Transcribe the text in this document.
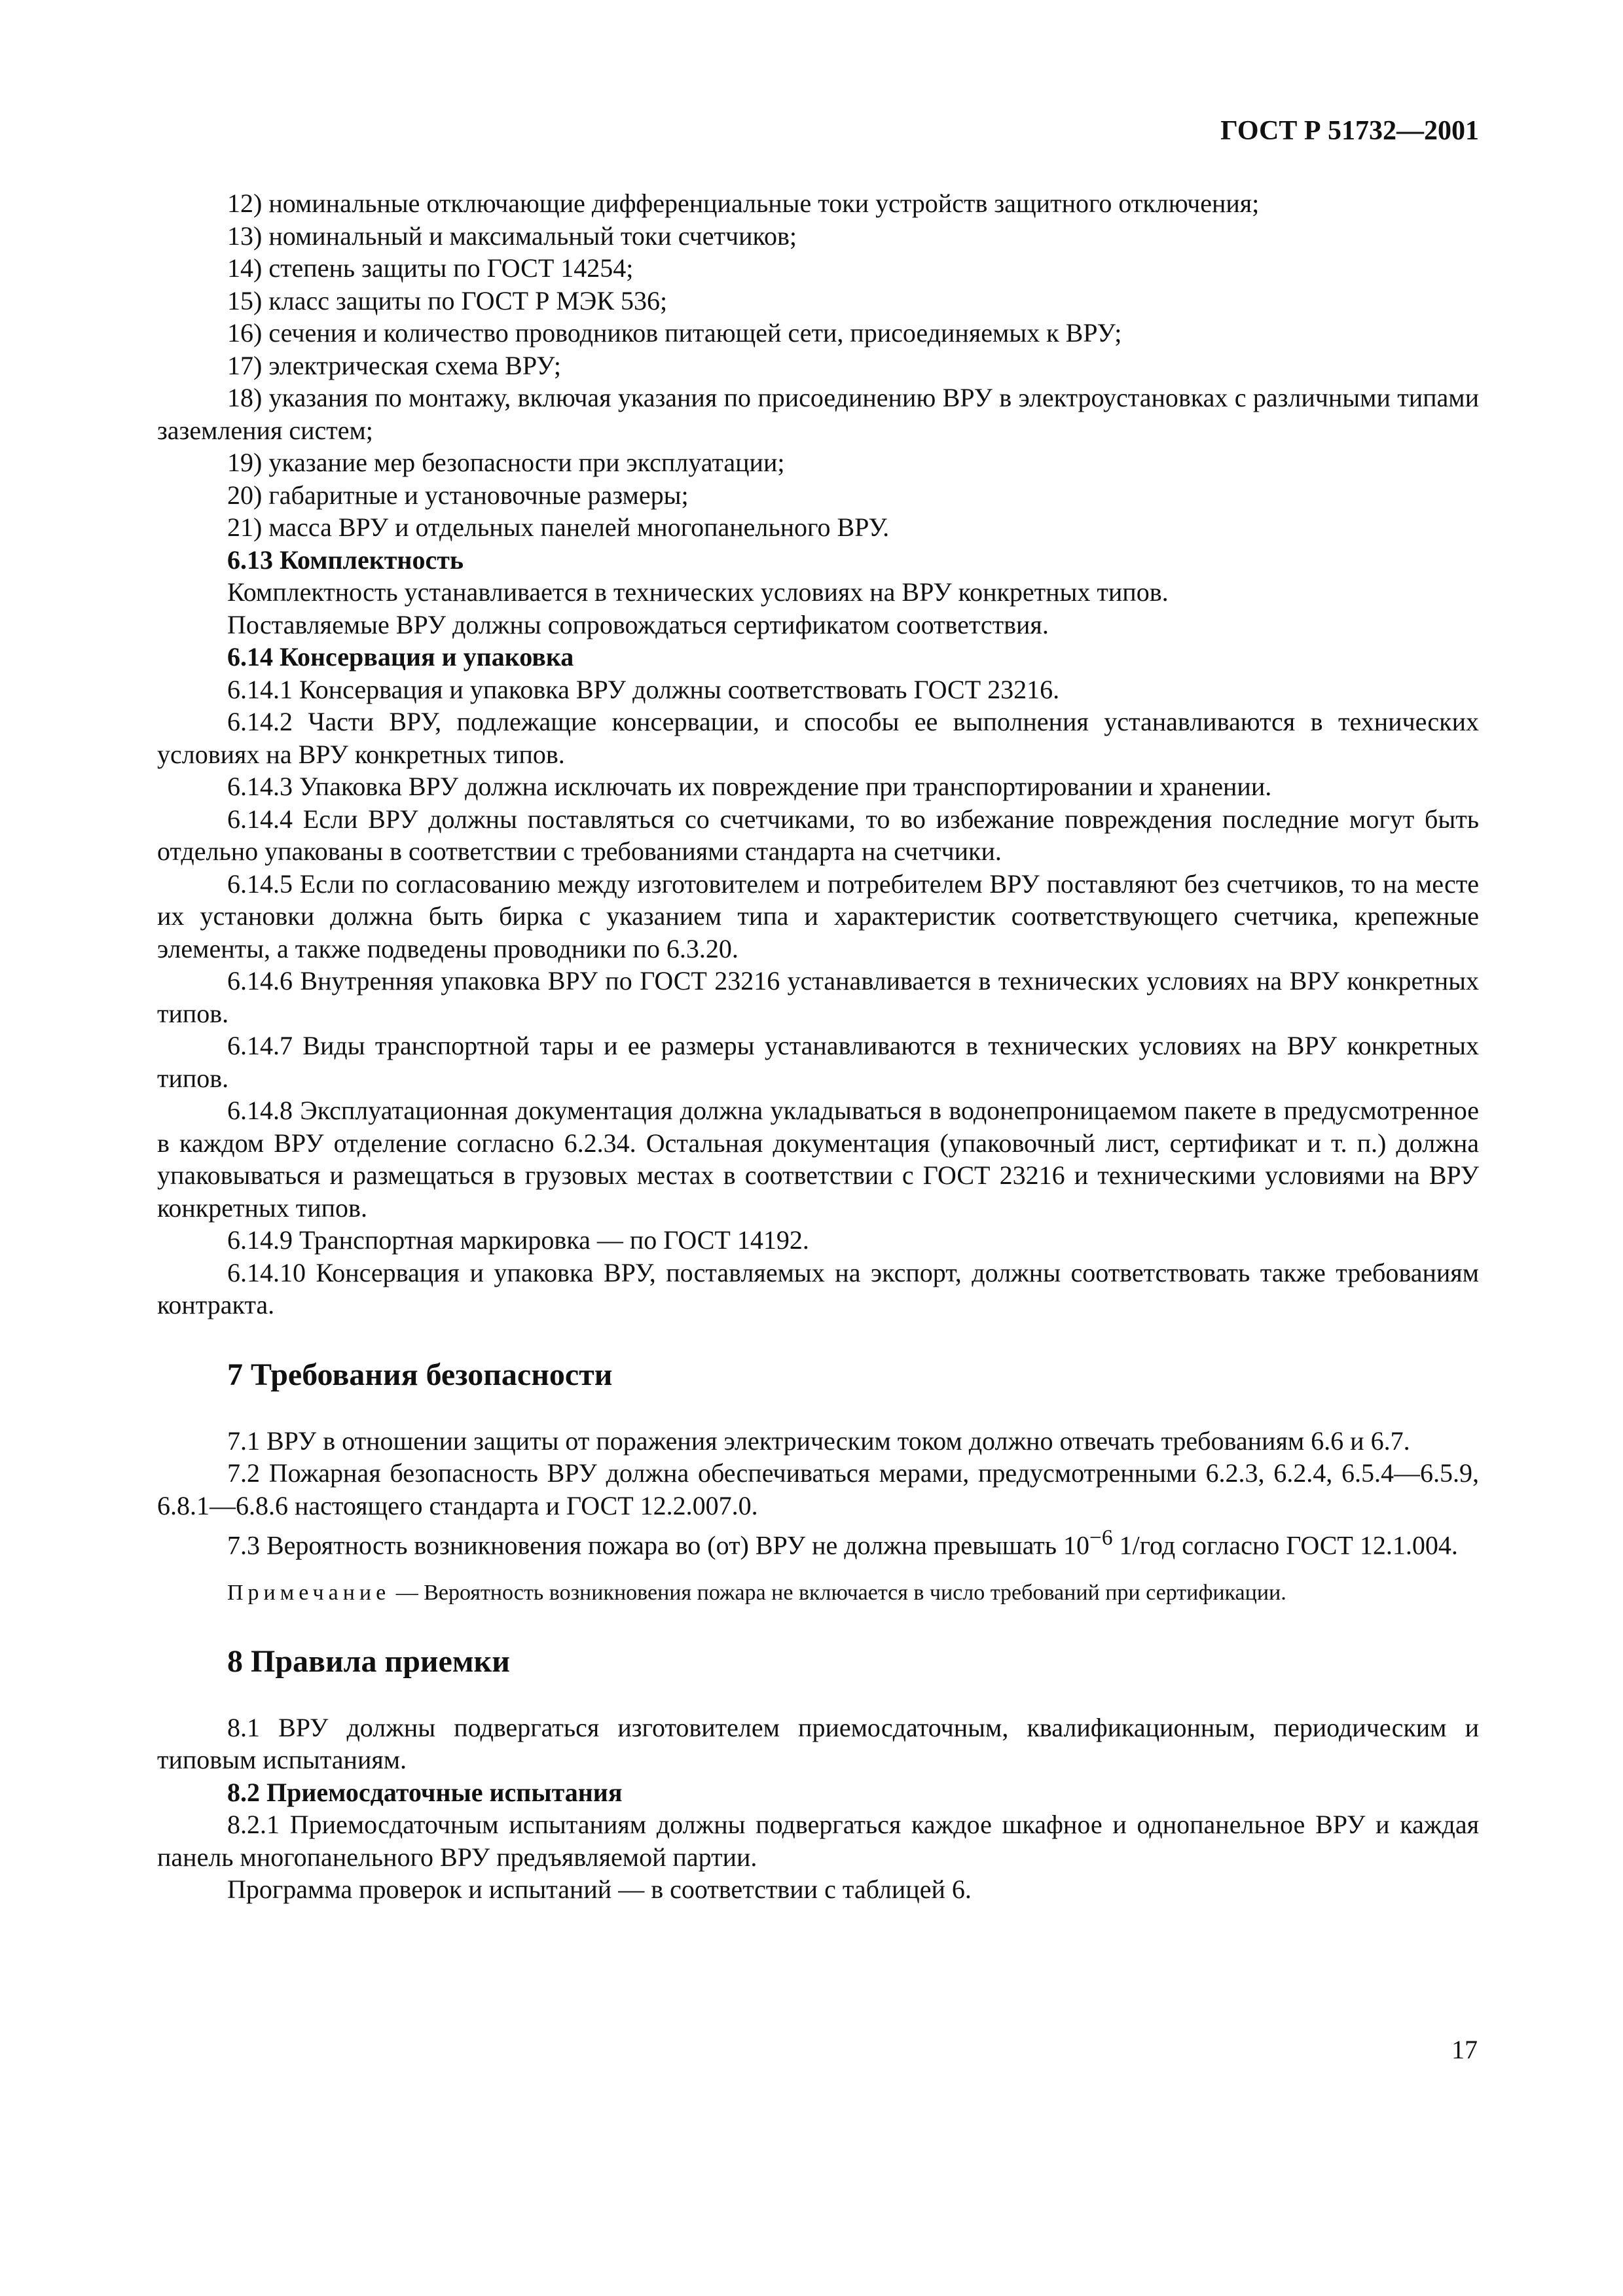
ГОСТ Р 51732—2001

12) номинальные отключающие дифференциальные токи устройств защитного отключения;

13) номинальный и максимальный токи счетчиков;

14) степень защиты по ГОСТ 14254;

15) класс защиты по ГОСТ Р МЭК 536;

16) сечения и количество проводников питающей сети, присоединяемых к ВРУ;

17) электрическая схема ВРУ;

18) указания по монтажу, включая указания по присоединению ВРУ в электроустановках с различными типами заземления систем;

19) указание мер безопасности при эксплуатации;

20) габаритные и установочные размеры;

21) масса ВРУ и отдельных панелей многопанельного ВРУ.

6.13 Комплектность

Комплектность устанавливается в технических условиях на ВРУ конкретных типов.

Поставляемые ВРУ должны сопровождаться сертификатом соответствия.

6.14 Консервация и упаковка

6.14.1 Консервация и упаковка ВРУ должны соответствовать ГОСТ 23216.

6.14.2 Части ВРУ, подлежащие консервации, и способы ее выполнения устанавливаются в технических условиях на ВРУ конкретных типов.

6.14.3 Упаковка ВРУ должна исключать их повреждение при транспортировании и хранении.

6.14.4 Если ВРУ должны поставляться со счетчиками, то во избежание повреждения последние могут быть отдельно упакованы в соответствии с требованиями стандарта на счетчики.

6.14.5 Если по согласованию между изготовителем и потребителем ВРУ поставляют без счетчиков, то на месте их установки должна быть бирка с указанием типа и характеристик соответствующего счетчика, крепежные элементы, а также подведены проводники по 6.3.20.

6.14.6 Внутренняя упаковка ВРУ по ГОСТ 23216 устанавливается в технических условиях на ВРУ конкретных типов.

6.14.7 Виды транспортной тары и ее размеры устанавливаются в технических условиях на ВРУ конкретных типов.

6.14.8 Эксплуатационная документация должна укладываться в водонепроницаемом пакете в предусмотренное в каждом ВРУ отделение согласно 6.2.34. Остальная документация (упаковочный лист, сертификат и т. п.) должна упаковываться и размещаться в грузовых местах в соответствии с ГОСТ 23216 и техническими условиями на ВРУ конкретных типов.

6.14.9 Транспортная маркировка — по ГОСТ 14192.

6.14.10 Консервация и упаковка ВРУ, поставляемых на экспорт, должны соответствовать также требованиям контракта.

7 Требования безопасности

7.1 ВРУ в отношении защиты от поражения электрическим током должно отвечать требованиям 6.6 и 6.7.

7.2 Пожарная безопасность ВРУ должна обеспечиваться мерами, предусмотренными 6.2.3, 6.2.4, 6.5.4—6.5.9, 6.8.1—6.8.6 настоящего стандарта и ГОСТ 12.2.007.0.

7.3 Вероятность возникновения пожара во (от) ВРУ не должна превышать $10^{-6}$ 1/год согласно ГОСТ 12.1.004.

Примечание — Вероятность возникновения пожара не включается в число требований при сертификации.

8 Правила приемки

8.1 ВРУ должны подвергаться изготовителем приемосдаточным, квалификационным, периодическим и типовым испытаниям.

8.2 Приемосдаточные испытания

8.2.1 Приемосдаточным испытаниям должны подвергаться каждое шкафное и однопанельное ВРУ и каждая панель многопанельного ВРУ предъявляемой партии.

Программа проверок и испытаний — в соответствии с таблицей 6.

17
